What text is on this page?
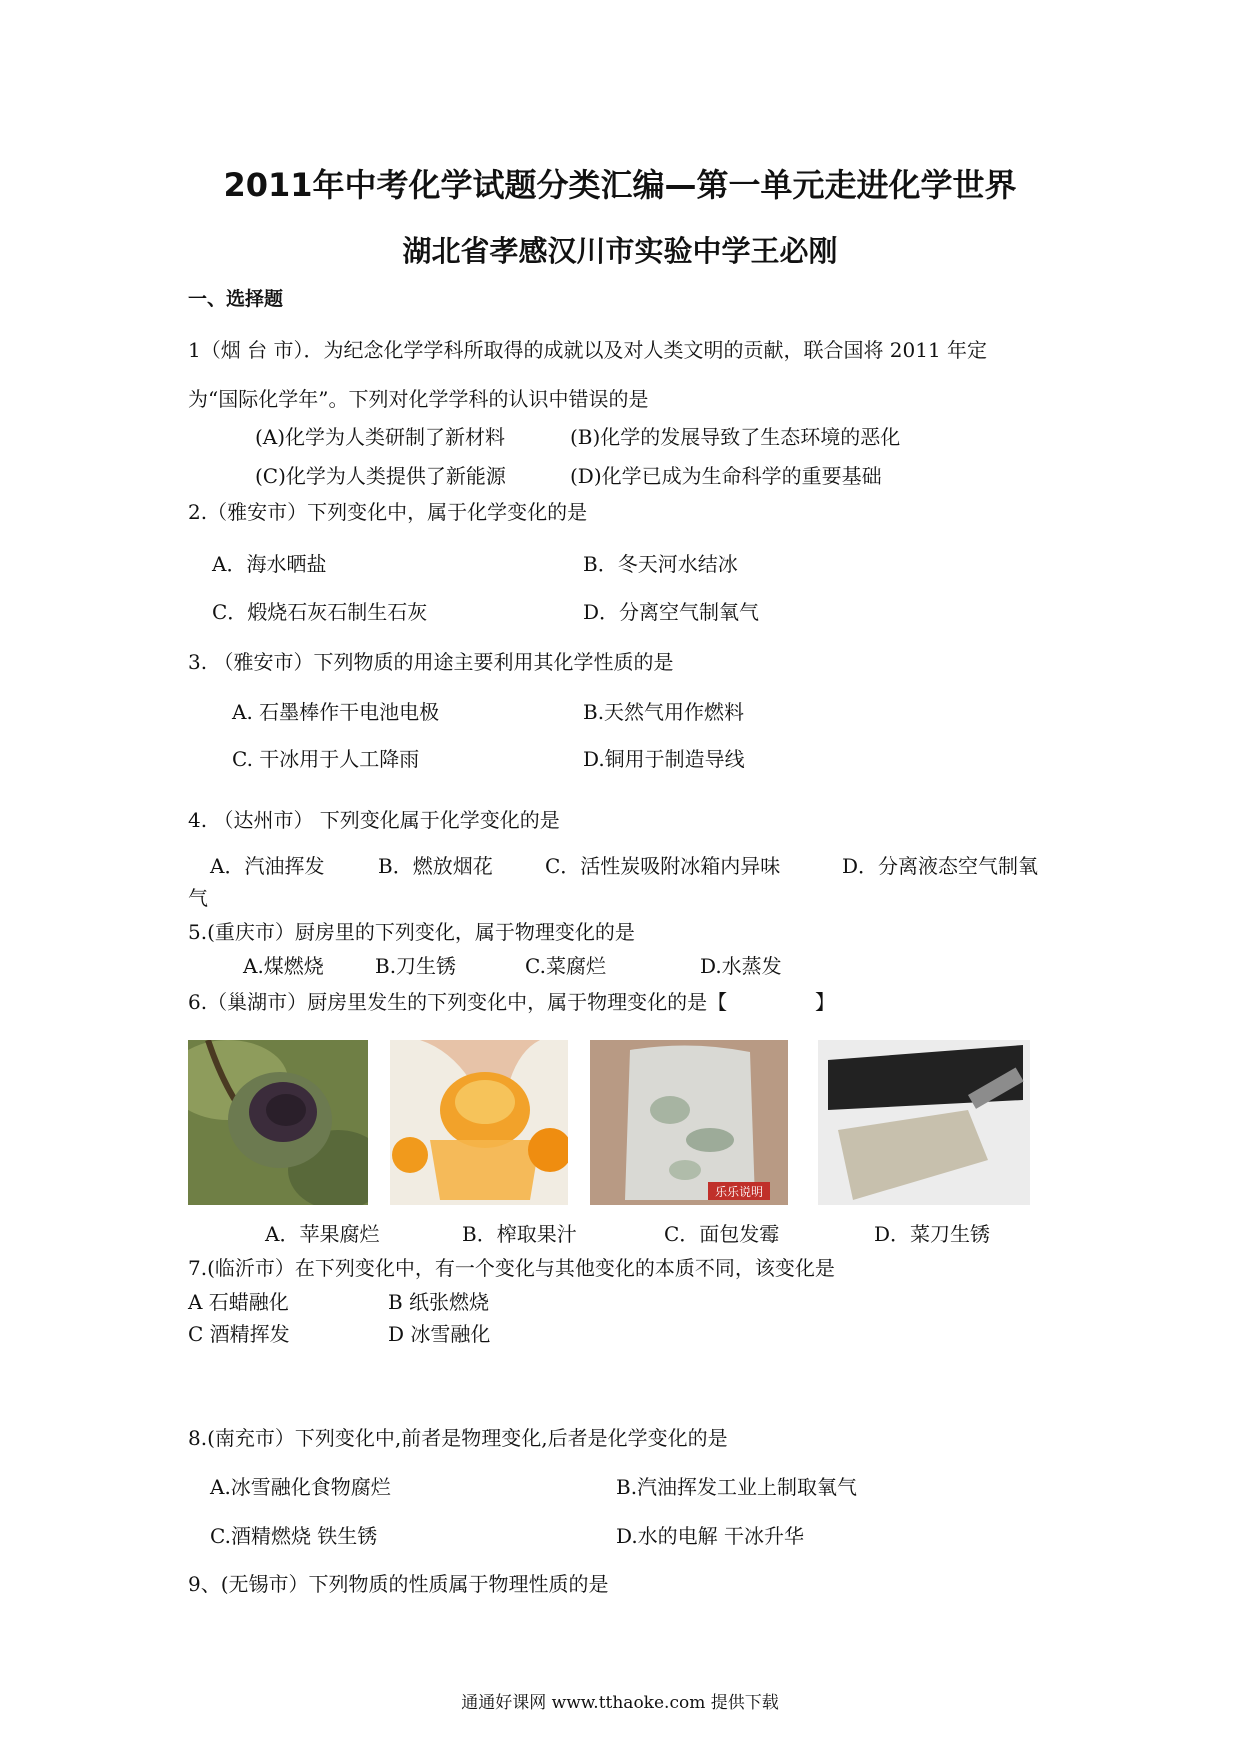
2011年中考化学试题分类汇编—第一单元走进化学世界
湖北省孝感汉川市实验中学王必刚
一、选择题
1（烟 台 市）．为纪念化学学科所取得的成就以及对人类文明的贡献，联合国将 2011 年定
为“国际化学年”。下列对化学学科的认识中错误的是
(A)化学为人类研制了新材料	(B)化学的发展导致了生态环境的恶化
(C)化学为人类提供了新能源	(D)化学已成为生命科学的重要基础
2.（雅安市）下列变化中，属于化学变化的是
A．海水晒盐	B．冬天河水结冰
C．煅烧石灰石制生石灰	D．分离空气制氧气
3. （雅安市）下列物质的用途主要利用其化学性质的是
A. 石墨棒作干电池电极	B.天然气用作燃料
C. 干冰用于人工降雨	D.铜用于制造导线
4. （达州市） 下列变化属于化学变化的是
A．汽油挥发	B．燃放烟花	C．活性炭吸附冰箱内异味	D．分离液态空气制氧
气
5.(重庆市）厨房里的下列变化，属于物理变化的是
A.煤燃烧	B.刀生锈	C.菜腐烂	D.水蒸发
6.（巢湖市）厨房里发生的下列变化中，属于物理变化的是【	】
乐乐说明
A．苹果腐烂	B．榨取果汁	C．面包发霉	D．菜刀生锈
7.(临沂市）在下列变化中，有一个变化与其他变化的本质不同，该变化是
A 石蜡融化	B 纸张燃烧
C 酒精挥发	D 冰雪融化
8.(南充市）下列变化中,前者是物理变化,后者是化学变化的是
A.冰雪融化食物腐烂	B.汽油挥发工业上制取氧气
C.酒精燃烧 铁生锈	D.水的电解 干冰升华
9、(无锡市）下列物质的性质属于物理性质的是
通通好课网 www.tthaoke.com 提供下载
